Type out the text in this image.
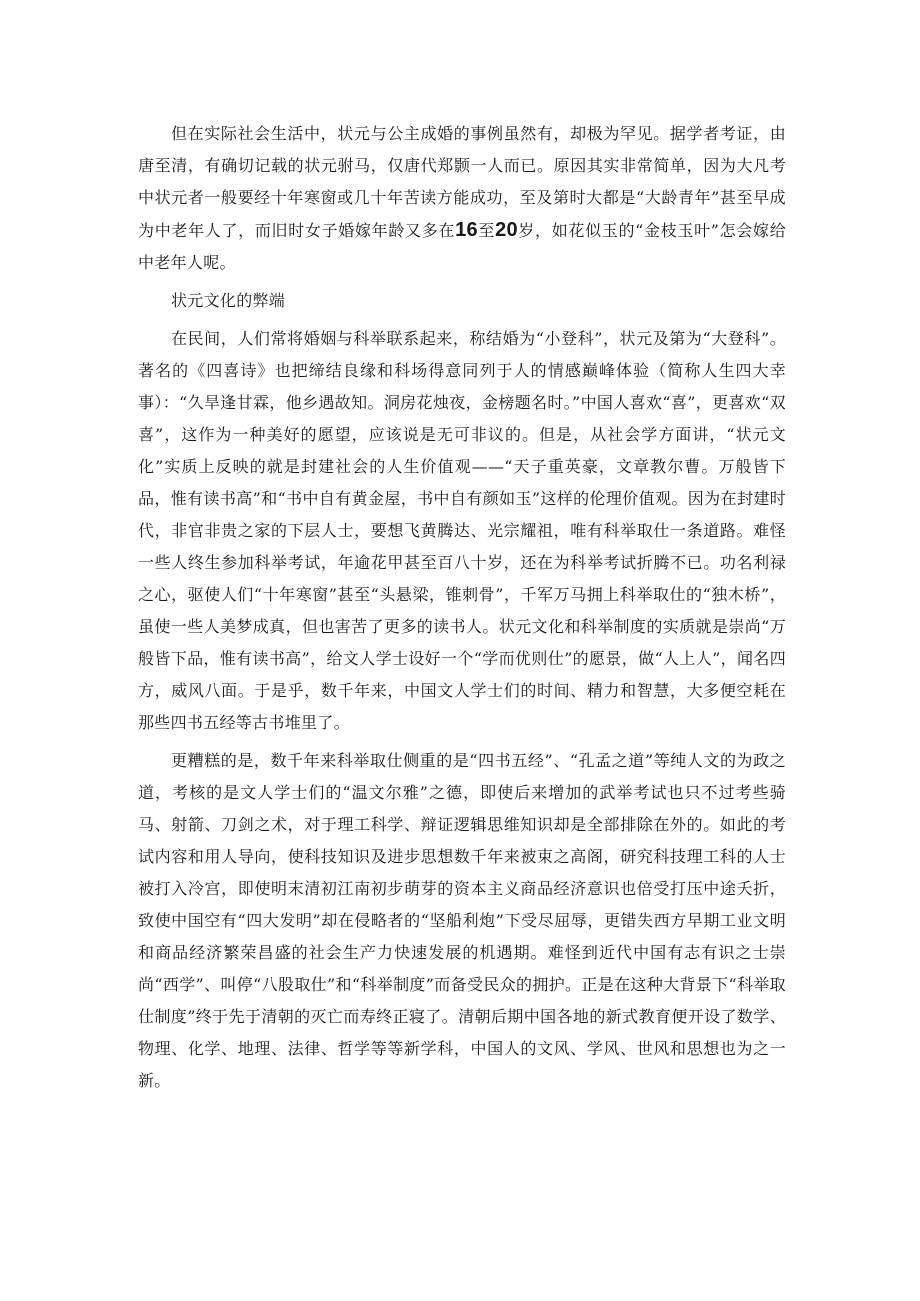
但在实际社会生活中，状元与公主成婚的事例虽然有，却极为罕见。据学者考证，由唐至清，有确切记载的状元驸马，仅唐代郑颢一人而已。原因其实非常简单，因为大凡考中状元者一般要经十年寒窗或几十年苦读方能成功，至及第时大都是“大龄青年”甚至早成为中老年人了，而旧时女子婚嫁年龄又多在16至20岁，如花似玉的“金枝玉叶”怎会嫁给中老年人呢。

状元文化的弊端

在民间，人们常将婚姻与科举联系起来，称结婚为“小登科”，状元及第为“大登科”。著名的《四喜诗》也把缔结良缘和科场得意同列于人的情感巅峰体验（简称人生四大幸事）：“久旱逢甘霖，他乡遇故知。洞房花烛夜，金榜题名时。”中国人喜欢“喜”，更喜欢“双喜”，这作为一种美好的愿望，应该说是无可非议的。但是，从社会学方面讲，“状元文化”实质上反映的就是封建社会的人生价值观——“天子重英豪，文章教尔曹。万般皆下品，惟有读书高”和“书中自有黄金屋，书中自有颜如玉”这样的伦理价值观。因为在封建时代，非官非贵之家的下层人士，要想飞黄腾达、光宗耀祖，唯有科举取仕一条道路。难怪一些人终生参加科举考试，年逾花甲甚至百八十岁，还在为科举考试折腾不已。功名利禄之心，驱使人们“十年寒窗”甚至“头悬梁，锥刺骨”，千军万马拥上科举取仕的“独木桥”，虽使一些人美梦成真，但也害苦了更多的读书人。状元文化和科举制度的实质就是崇尚“万般皆下品，惟有读书高”，给文人学士设好一个“学而优则仕”的愿景，做“人上人”，闻名四方，威风八面。于是乎，数千年来，中国文人学士们的时间、精力和智慧，大多便空耗在那些四书五经等古书堆里了。

更糟糕的是，数千年来科举取仕侧重的是“四书五经”、“孔孟之道”等纯人文的为政之道，考核的是文人学士们的“温文尔雅”之德，即使后来增加的武举考试也只不过考些骑马、射箭、刀剑之术，对于理工科学、辩证逻辑思维知识却是全部排除在外的。如此的考试内容和用人导向，使科技知识及进步思想数千年来被束之高阁，研究科技理工科的人士被打入冷宫，即使明末清初江南初步萌芽的资本主义商品经济意识也倍受打压中途夭折，致使中国空有“四大发明”却在侵略者的“坚船利炮”下受尽屈辱，更错失西方早期工业文明和商品经济繁荣昌盛的社会生产力快速发展的机遇期。难怪到近代中国有志有识之士崇尚“西学”、叫停“八股取仕”和“科举制度”而备受民众的拥护。正是在这种大背景下“科举取仕制度”终于先于清朝的灭亡而寿终正寝了。清朝后期中国各地的新式教育便开设了数学、物理、化学、地理、法律、哲学等等新学科，中国人的文风、学风、世风和思想也为之一新。
